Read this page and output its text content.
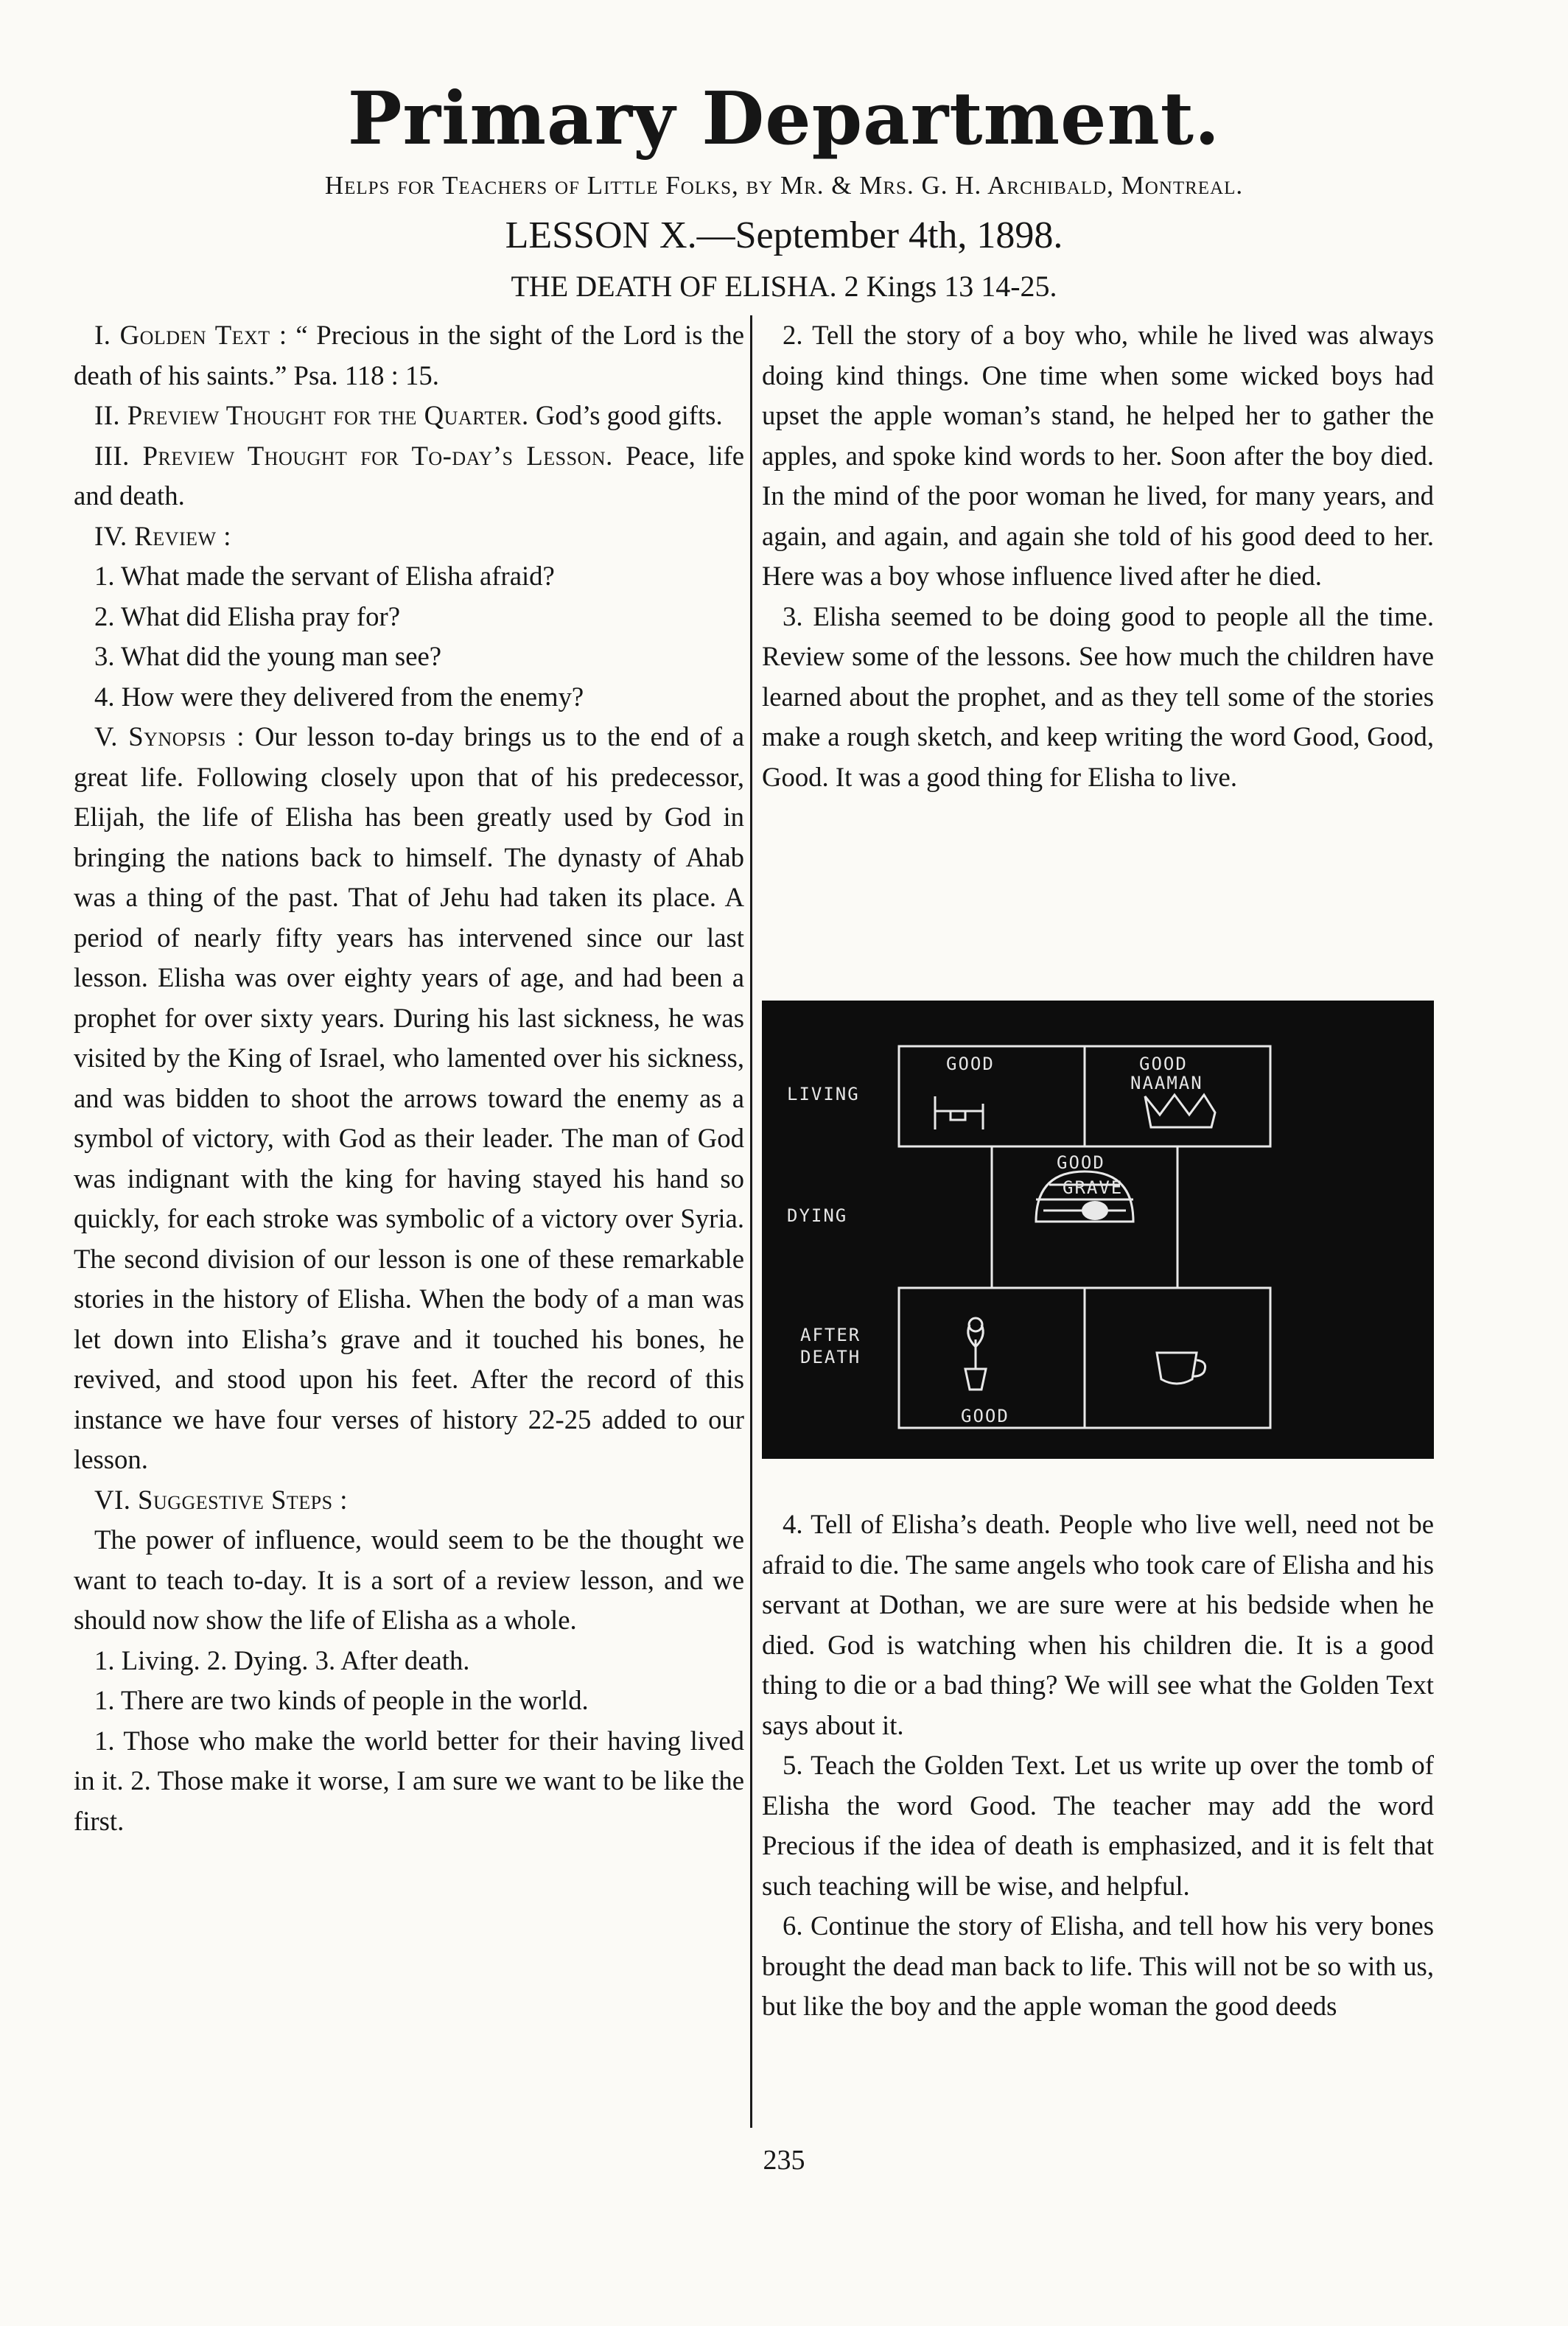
Primary Department.
Helps for Teachers of Little Folks, by Mr. & Mrs. G. H. Archibald, Montreal.
LESSON X.—September 4th, 1898.
THE DEATH OF ELISHA. 2 Kings 13 14-25.

I. Golden Text : “ Precious in the sight of the Lord is the death of his saints.” Psa. 118 : 15.

II. Preview Thought for the Quarter. God’s good gifts.

III. Preview Thought for To-day’s Lesson. Peace, life and death.

IV. Review :

1. What made the servant of Elisha afraid?

2. What did Elisha pray for?

3. What did the young man see?

4. How were they delivered from the enemy?

V. Synopsis : Our lesson to-day brings us to the end of a great life. Following closely upon that of his predecessor, Elijah, the life of Elisha has been greatly used by God in bringing the nations back to himself. The dynasty of Ahab was a thing of the past. That of Jehu had taken its place. A period of nearly fifty years has intervened since our last lesson. Elisha was over eighty years of age, and had been a prophet for over sixty years. During his last sickness, he was visited by the King of Israel, who lamented over his sickness, and was bidden to shoot the arrows toward the enemy as a symbol of victory, with God as their leader. The man of God was indignant with the king for having stayed his hand so quickly, for each stroke was symbolic of a victory over Syria. The second division of our lesson is one of these remarkable stories in the history of Elisha. When the body of a man was let down into Elisha’s grave and it touched his bones, he revived, and stood upon his feet. After the record of this instance we have four verses of history 22-25 added to our lesson.

VI. Suggestive Steps :

The power of influence, would seem to be the thought we want to teach to-day. It is a sort of a review lesson, and we should now show the life of Elisha as a whole.

1. Living. 2. Dying. 3. After death.

1. There are two kinds of people in the world.

1. Those who make the world better for their having lived in it. 2. Those make it worse, I am sure we want to be like the first.

2. Tell the story of a boy who, while he lived was always doing kind things. One time when some wicked boys had upset the apple woman’s stand, he helped her to gather the apples, and spoke kind words to her. Soon after the boy died. In the mind of the poor woman he lived, for many years, and again, and again, and again she told of his good deed to her. Here was a boy whose influence lived after he died.

3. Elisha seemed to be doing good to people all the time. Review some of the lessons. See how much the children have learned about the prophet, and as they tell some of the stories make a rough sketch, and keep writing the word Good, Good, Good. It was a good thing for Elisha to live.

LIVING
DYING
AFTER
DEATH
GOOD	GOOD
NAAMAN
GOOD
GRAVE
GOOD

4. Tell of Elisha’s death. People who live well, need not be afraid to die. The same angels who took care of Elisha and his servant at Dothan, we are sure were at his bedside when he died. God is watching when his children die. It is a good thing to die or a bad thing? We will see what the Golden Text says about it.

5. Teach the Golden Text. Let us write up over the tomb of Elisha the word Good. The teacher may add the word Precious if the idea of death is emphasized, and it is felt that such teaching will be wise, and helpful.

6. Continue the story of Elisha, and tell how his very bones brought the dead man back to life. This will not be so with us, but like the boy and the apple woman the good deeds

235
